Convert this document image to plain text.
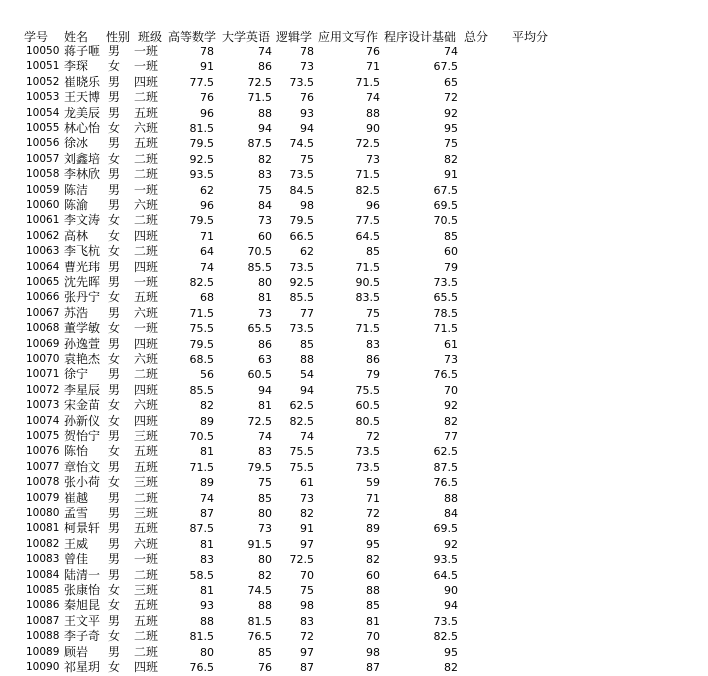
学号 姓名 性别 班级 高等数学 大学英语 逻辑学 应用文写作 程序设计基础 总分 平均分
10050 蒋子咂 男	一班	78	74	78	76	74
10051 李琛	女	一班	91	86	73	71	67.5
10052 崔晓乐 男	四班	77.5	72.5	73.5	71.5	65
10053 王天博 男	二班	76	71.5	76	74	72
10054 龙美辰 男	五班	96	88	93	88	92
10055 林心怡 女	六班	81.5	94	94	90	95
10056 徐冰	男	五班	79.5	87.5	74.5	72.5	75
10057 刘鑫培 女	二班	92.5	82	75	73	82
10058 李林欣 男	二班	93.5	83	73.5	71.5	91
10059 陈洁	男	一班	62	75	84.5	82.5	67.5
10060 陈渝	男	六班	96	84	98	96	69.5
10061 李文涛 女	二班	79.5	73	79.5	77.5	70.5
10062 高林	女	四班	71	60	66.5	64.5	85
10063 李飞杭 女	二班	64	70.5	62	85	60
10064 曹光玮 男	四班	74	85.5	73.5	71.5	79
10065 沈先晖 男	一班	82.5	80	92.5	90.5	73.5
10066 张丹宁 女	五班	68	81	85.5	83.5	65.5
10067 苏浩	男	六班	71.5	73	77	75	78.5
10068 董学敏 女	一班	75.5	65.5	73.5	71.5	71.5
10069 孙逸萱 男	四班	79.5	86	85	83	61
10070 袁艳杰 女	六班	68.5	63	88	86	73
10071 徐宁	男	二班	56	60.5	54	79	76.5
10072 李星辰 男	四班	85.5	94	94	75.5	70
10073 宋金苗 女	六班	82	81	62.5	60.5	92
10074 孙新仪 女	四班	89	72.5	82.5	80.5	82
10075 贺怡宁 男	三班	70.5	74	74	72	77
10076 陈怡	女	五班	81	83	75.5	73.5	62.5
10077 章怡文 男	五班	71.5	79.5	75.5	73.5	87.5
10078 张小荷 女	三班	89	75	61	59	76.5
10079 崔越	男	二班	74	85	73	71	88
10080 孟雪	男	三班	87	80	82	72	84
10081 柯景轩 男	五班	87.5	73	91	89	69.5
10082 王威	男	六班	81	91.5	97	95	92
10083 曾佳	男	一班	83	80	72.5	82	93.5
10084 陆清一 男	二班	58.5	82	70	60	64.5
10085 张康怡 女	三班	81	74.5	75	88	90
10086 秦旭昆 女	五班	93	88	98	85	94
10087 王文平 男	五班	88	81.5	83	81	73.5
10088 李子奇 女	二班	81.5	76.5	72	70	82.5
10089 顾岩	男	二班	80	85	97	98	95
10090 祁星玥 女	四班	76.5	76	87	87	82
